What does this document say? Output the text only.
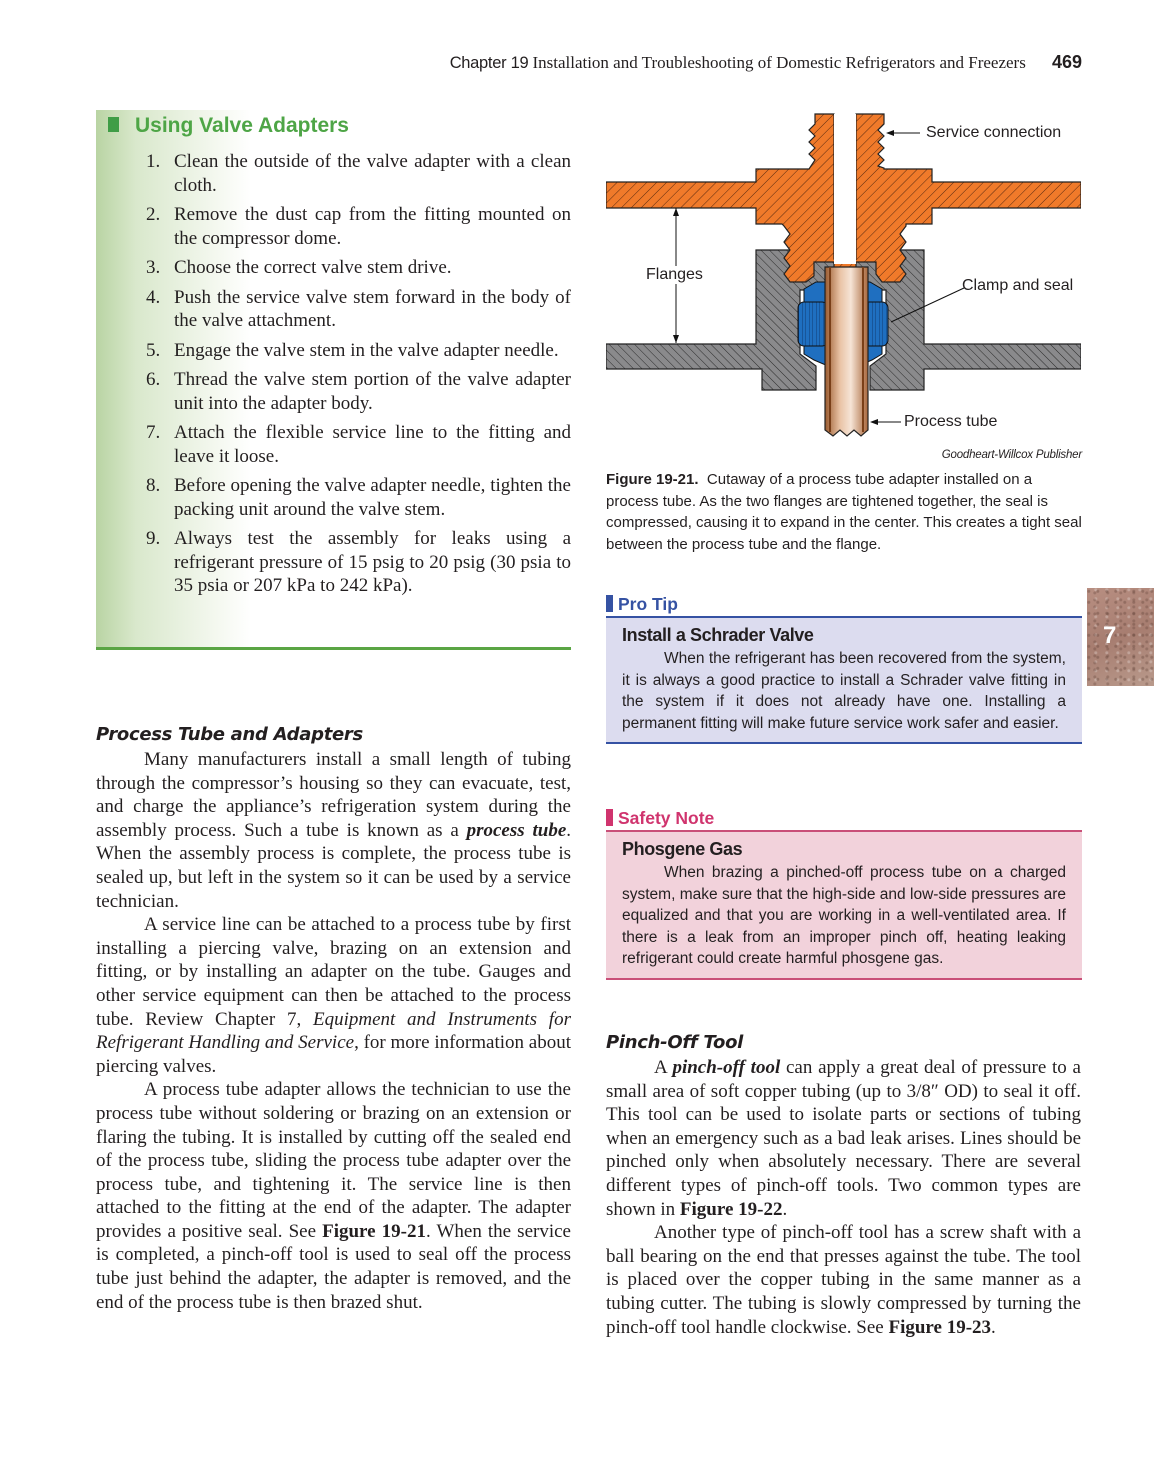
Chapter 19 Installation and Troubleshooting of Domestic Refrigerators and Freezers 469
Using Valve Adapters
1. Clean the outside of the valve adapter with a clean cloth.
2. Remove the dust cap from the fitting mounted on the compressor dome.
3. Choose the correct valve stem drive.
4. Push the service valve stem forward in the body of the valve attachment.
5. Engage the valve stem in the valve adapter needle.
6. Thread the valve stem portion of the valve adapter unit into the adapter body.
7. Attach the flexible service line to the fitting and leave it loose.
8. Before opening the valve adapter needle, tighten the packing unit around the valve stem.
9. Always test the assembly for leaks using a refrigerant pressure of 15 psig to 20 psig (30 psia to 35 psia or 207 kPa to 242 kPa).
Process Tube and Adapters

Many manufacturers install a small length of tubing through the compressor’s housing so they can evacuate, test, and charge the appliance’s refrigeration system during the assembly process. Such a tube is known as a process tube. When the assembly process is complete, the process tube is sealed up, but left in the system so it can be used by a service technician.

A service line can be attached to a process tube by first installing a piercing valve, brazing on an extension and fitting, or by installing an adapter on the tube. Gauges and other service equipment can then be attached to the process tube. Review Chapter 7, Equipment and Instruments for Refrigerant Handling and Service, for more information about piercing valves.

A process tube adapter allows the technician to use the process tube without soldering or brazing on an extension or flaring the tubing. It is installed by cutting off the sealed end of the process tube, sliding the process tube adapter over the process tube, and tightening it. The service line is then attached to the fitting at the end of the adapter. The adapter provides a positive seal. See Figure 19-21. When the service is completed, a pinch-off tool is used to seal off the process tube just behind the adapter, the adapter is removed, and the end of the process tube is then brazed shut.

Service connection
Flanges
Clamp and seal
Process tube
Goodheart-Willcox Publisher
Figure 19-21. Cutaway of a process tube adapter installed on a process tube. As the two flanges are tightened together, the seal is compressed, causing it to expand in the center. This creates a tight seal between the process tube and the flange.
Pro Tip
Install a Schrader Valve

When the refrigerant has been recovered from the system, it is always a good practice to install a Schrader valve fitting in the system if it does not already have one. Installing a permanent fitting will make future service work safer and easier.

Safety Note
Phosgene Gas

When brazing a pinched-off process tube on a charged system, make sure that the high-side and low-side pressures are equalized and that you are working in a well-ventilated area. If there is a leak from an improper pinch off, heating leaking refrigerant could create harmful phosgene gas.

Pinch-Off Tool

A pinch-off tool can apply a great deal of pressure to a small area of soft copper tubing (up to 3/8″ OD) to seal it off. This tool can be used to isolate parts or sections of tubing when an emergency such as a bad leak arises. Lines should be pinched only when absolutely necessary. There are several different types of pinch-off tools. Two common types are shown in Figure 19-22.

Another type of pinch-off tool has a screw shaft with a ball bearing on the end that presses against the tube. The tool is placed over the copper tubing in the same manner as a tubing cutter. The tubing is slowly compressed by turning the pinch-off tool handle clockwise. See Figure 19-23.

7
